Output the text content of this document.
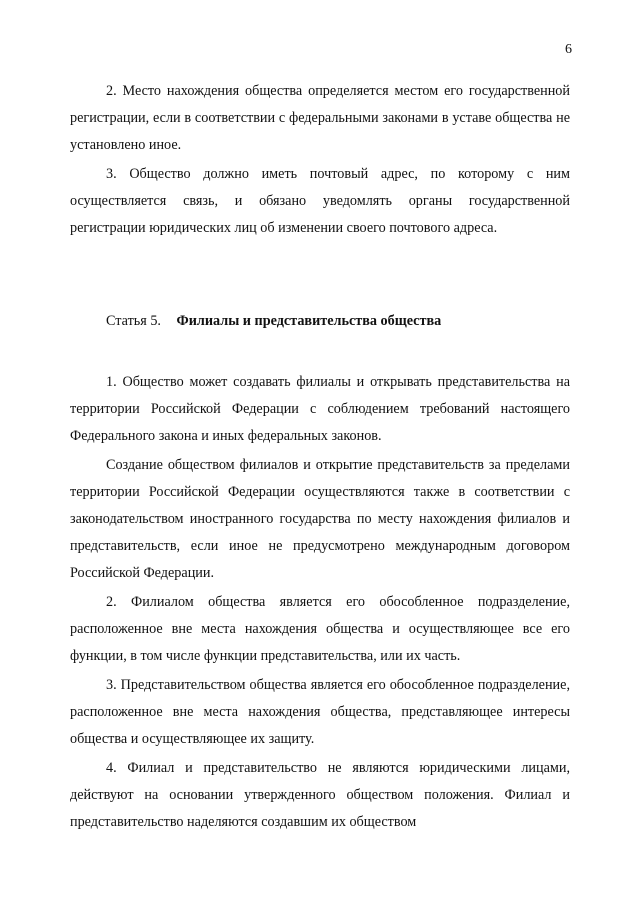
6

2. Место нахождения общества определяется местом его государственной регистрации, если в соответствии с федеральными законами в уставе общества не установлено иное.

3. Общество должно иметь почтовый адрес, по которому с ним осуществляется связь, и обязано уведомлять органы государственной регистрации юридических лиц об изменении своего почтового адреса.

Статья 5. Филиалы и представительства общества

1. Общество может создавать филиалы и открывать представительства на территории Российской Федерации с соблюдением требований настоящего Федерального закона и иных федеральных законов.

Создание обществом филиалов и открытие представительств за пределами территории Российской Федерации осуществляются также в соответствии с законодательством иностранного государства по месту нахождения филиалов и представительств, если иное не предусмотрено международным договором Российской Федерации.

2. Филиалом общества является его обособленное подразделение, расположенное вне места нахождения общества и осуществляющее все его функции, в том числе функции представительства, или их часть.

3. Представительством общества является его обособленное подразделение, расположенное вне места нахождения общества, представляющее интересы общества и осуществляющее их защиту.

4. Филиал и представительство не являются юридическими лицами, действуют на основании утвержденного обществом положения. Филиал и представительство наделяются создавшим их обществом
